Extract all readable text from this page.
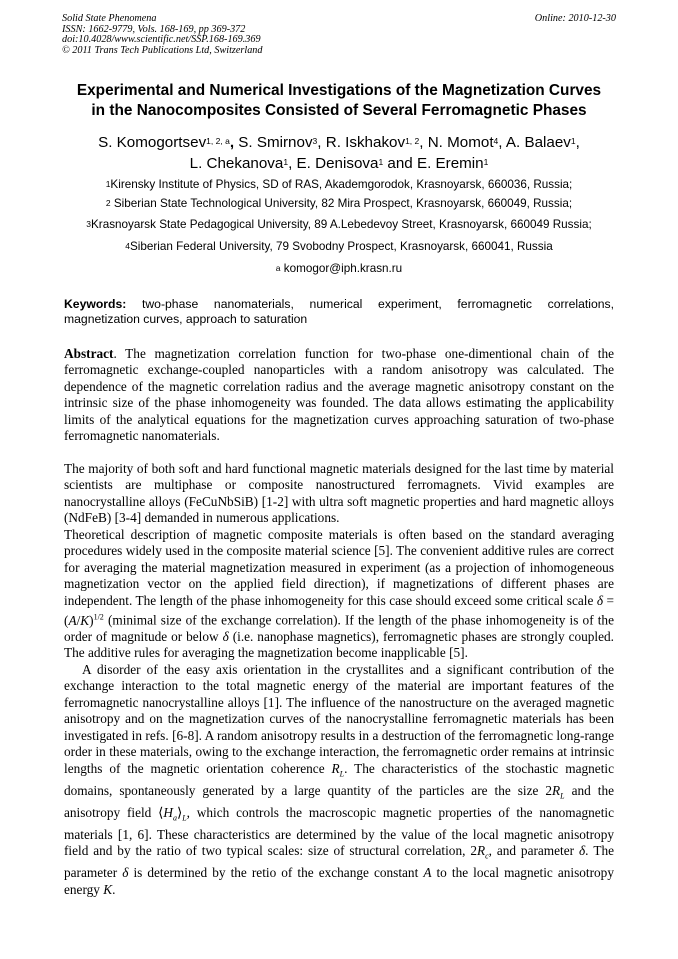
Solid State Phenomena
ISSN: 1662-9779, Vols. 168-169, pp 369-372
doi:10.4028/www.scientific.net/SSP.168-169.369
© 2011 Trans Tech Publications Ltd, Switzerland
Online: 2010-12-30
Experimental and Numerical Investigations of the Magnetization Curves
in the Nanocomposites Consisted of Several Ferromagnetic Phases
S. Komogortsev$^{1, 2, a}$, S. Smirnov$^3$, R. Iskhakov$^{1, 2}$, N. Momot$^4$, A. Balaev$^1$,
L. Chekanova$^1$, E. Denisova$^1$ and E. Eremin$^1$
$^1$Kirensky Institute of Physics, SD of RAS, Akademgorodok, Krasnoyarsk, 660036, Russia;
$^2$ Siberian State Technological University, 82 Mira Prospect, Krasnoyarsk, 660049, Russia;
$^3$Krasnoyarsk State Pedagogical University, 89 A.Lebedevoy Street, Krasnoyarsk, 660049 Russia;
$^4$Siberian Federal University, 79 Svobodny Prospect, Krasnoyarsk, 660041, Russia
$^a$ komogor@iph.krasn.ru
Keywords: two-phase nanomaterials, numerical experiment, ferromagnetic correlations, magnetization curves, approach to saturation

Abstract. The magnetization correlation function for two-phase one-dimentional chain of the ferromagnetic exchange-coupled nanoparticles with a random anisotropy was calculated. The dependence of the magnetic correlation radius and the average magnetic anisotropy constant on the intrinsic size of the phase inhomogeneity was founded. The data allows estimating the applicability limits of the analytical equations for the magnetization curves approaching saturation of two-phase ferromagnetic nanomaterials.

The majority of both soft and hard functional magnetic materials designed for the last time by material scientists are multiphase or composite nanostructured ferromagnets. Vivid examples are nanocrystalline alloys (FeCuNbSiB) [1-2] with ultra soft magnetic properties and hard magnetic alloys (NdFeB) [3-4] demanded in numerous applications.

Theoretical description of magnetic composite materials is often based on the standard averaging procedures widely used in the composite material science [5]. The convenient additive rules are correct for averaging the material magnetization measured in experiment (as a projection of inhomogeneous magnetization vector on the applied field direction), if magnetizations of different phases are independent. The length of the phase inhomogeneity for this case should exceed some critical scale $\delta = (A/K)^{1/2}$ (minimal size of the exchange correlation). If the length of the phase inhomogeneity is of the order of magnitude or below δ (i.e. nanophase magnetics), ferromagnetic phases are strongly coupled. The additive rules for averaging the magnetization become inapplicable [5].

A disorder of the easy axis orientation in the crystallites and a significant contribution of the exchange interaction to the total magnetic energy of the material are important features of the ferromagnetic nanocrystalline alloys [1]. The influence of the nanostructure on the averaged magnetic anisotropy and on the magnetization curves of the nanocrystalline ferromagnetic materials has been investigated in refs. [6-8]. A random anisotropy results in a destruction of the ferromagnetic long-range order in these materials, owing to the exchange interaction, the ferromagnetic order remains at intrinsic lengths of the magnetic orientation coherence $R_L$. The characteristics of the stochastic magnetic domains, spontaneously generated by a large quantity of the particles are the size $2R_L$ and the anisotropy field $⟨H_a⟩_L$, which controls the macroscopic magnetic properties of the nanomagnetic materials [1, 6]. These characteristics are determined by the value of the local magnetic anisotropy field and by the ratio of two typical scales: size of structural correlation, $2R_c$, and parameter δ. The parameter δ is determined by the retio of the exchange constant A to the local magnetic anisotropy energy K.
